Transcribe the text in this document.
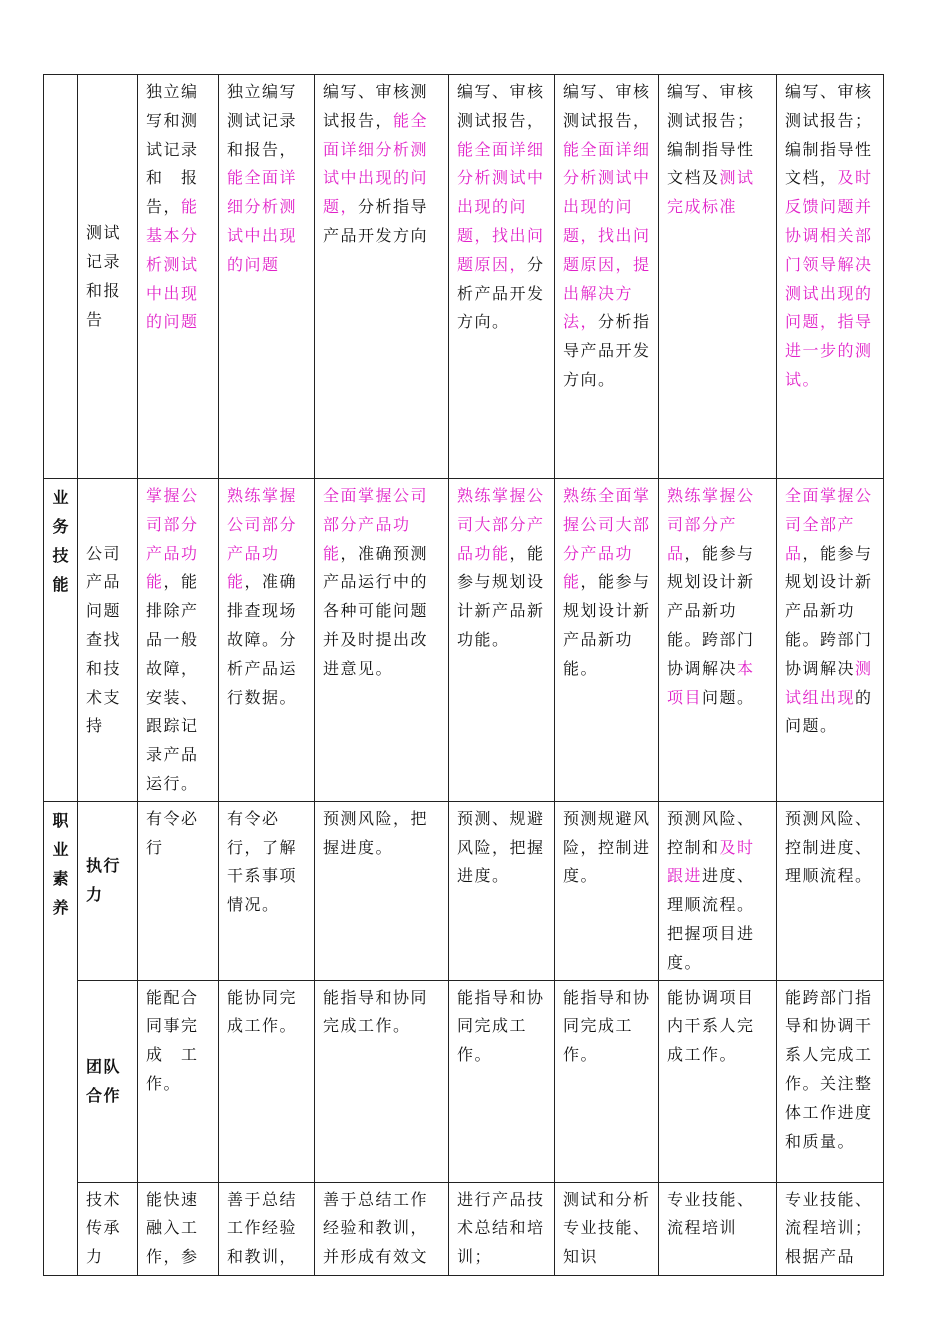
	测试记录和报告	独立编写和测试记录和　报告，能基本分析测试中出现的问题	独立编写测试记录和报告，能全面详细分析测试中出现的问题	编写、审核测试报告，能全面详细分析测试中出现的问题，分析指导产品开发方向	编写、审核测试报告，能全面详细分析测试中出现的问题，找出问题原因，分析产品开发方向。	编写、审核测试报告，能全面详细分析测试中出现的问题，找出问题原因，提出解决方法，分析指导产品开发方向。	编写、审核测试报告；编制指导性文档及测试完成标准	编写、审核测试报告；编制指导性文档，及时反馈问题并协调相关部门领导解决测试出现的问题，指导进一步的测试。

业务技能	公司产品问题查找和技术支持	掌握公司部分产品功能，能排除产品一般故障，安装、跟踪记录产品运行。	熟练掌握公司部分产品功能，准确排查现场故障。分析产品运行数据。	全面掌握公司部分产品功能，准确预测产品运行中的各种可能问题并及时提出改进意见。	熟练掌握公司大部分产品功能，能参与规划设计新产品新功能。	熟练全面掌握公司大部分产品功能，能参与规划设计新产品新功能。	熟练掌握公司部分产品，能参与规划设计新产品新功能。跨部门协调解决本项目问题。	全面掌握公司全部产品，能参与规划设计新产品新功能。跨部门协调解决测试组出现的问题。

职业素养	执行力	有令必行	有令必行，了解干系事项情况。	预测风险，把握进度。	预测、规避风险，把握进度。	预测规避风险，控制进度。	预测风险、控制和及时跟进进度、理顺流程。把握项目进度。	预测风险、控制进度、理顺流程。
	团队合作	能配合同事完成　工作。	能协同完成工作。	能指导和协同完成工作。	能指导和协同完成工作。	能指导和协同完成工作。	能协调项目内干系人完成工作。	能跨部门指导和协调干系人完成工作。关注整体工作进度和质量。
	技术传承力	能快速融入工作，参	善于总结工作经验和教训，	善于总结工作经验和教训，并形成有效文	进行产品技术总结和培训；	测试和分析专业技能、知识	专业技能、流程培训	专业技能、流程培训；根据产品
